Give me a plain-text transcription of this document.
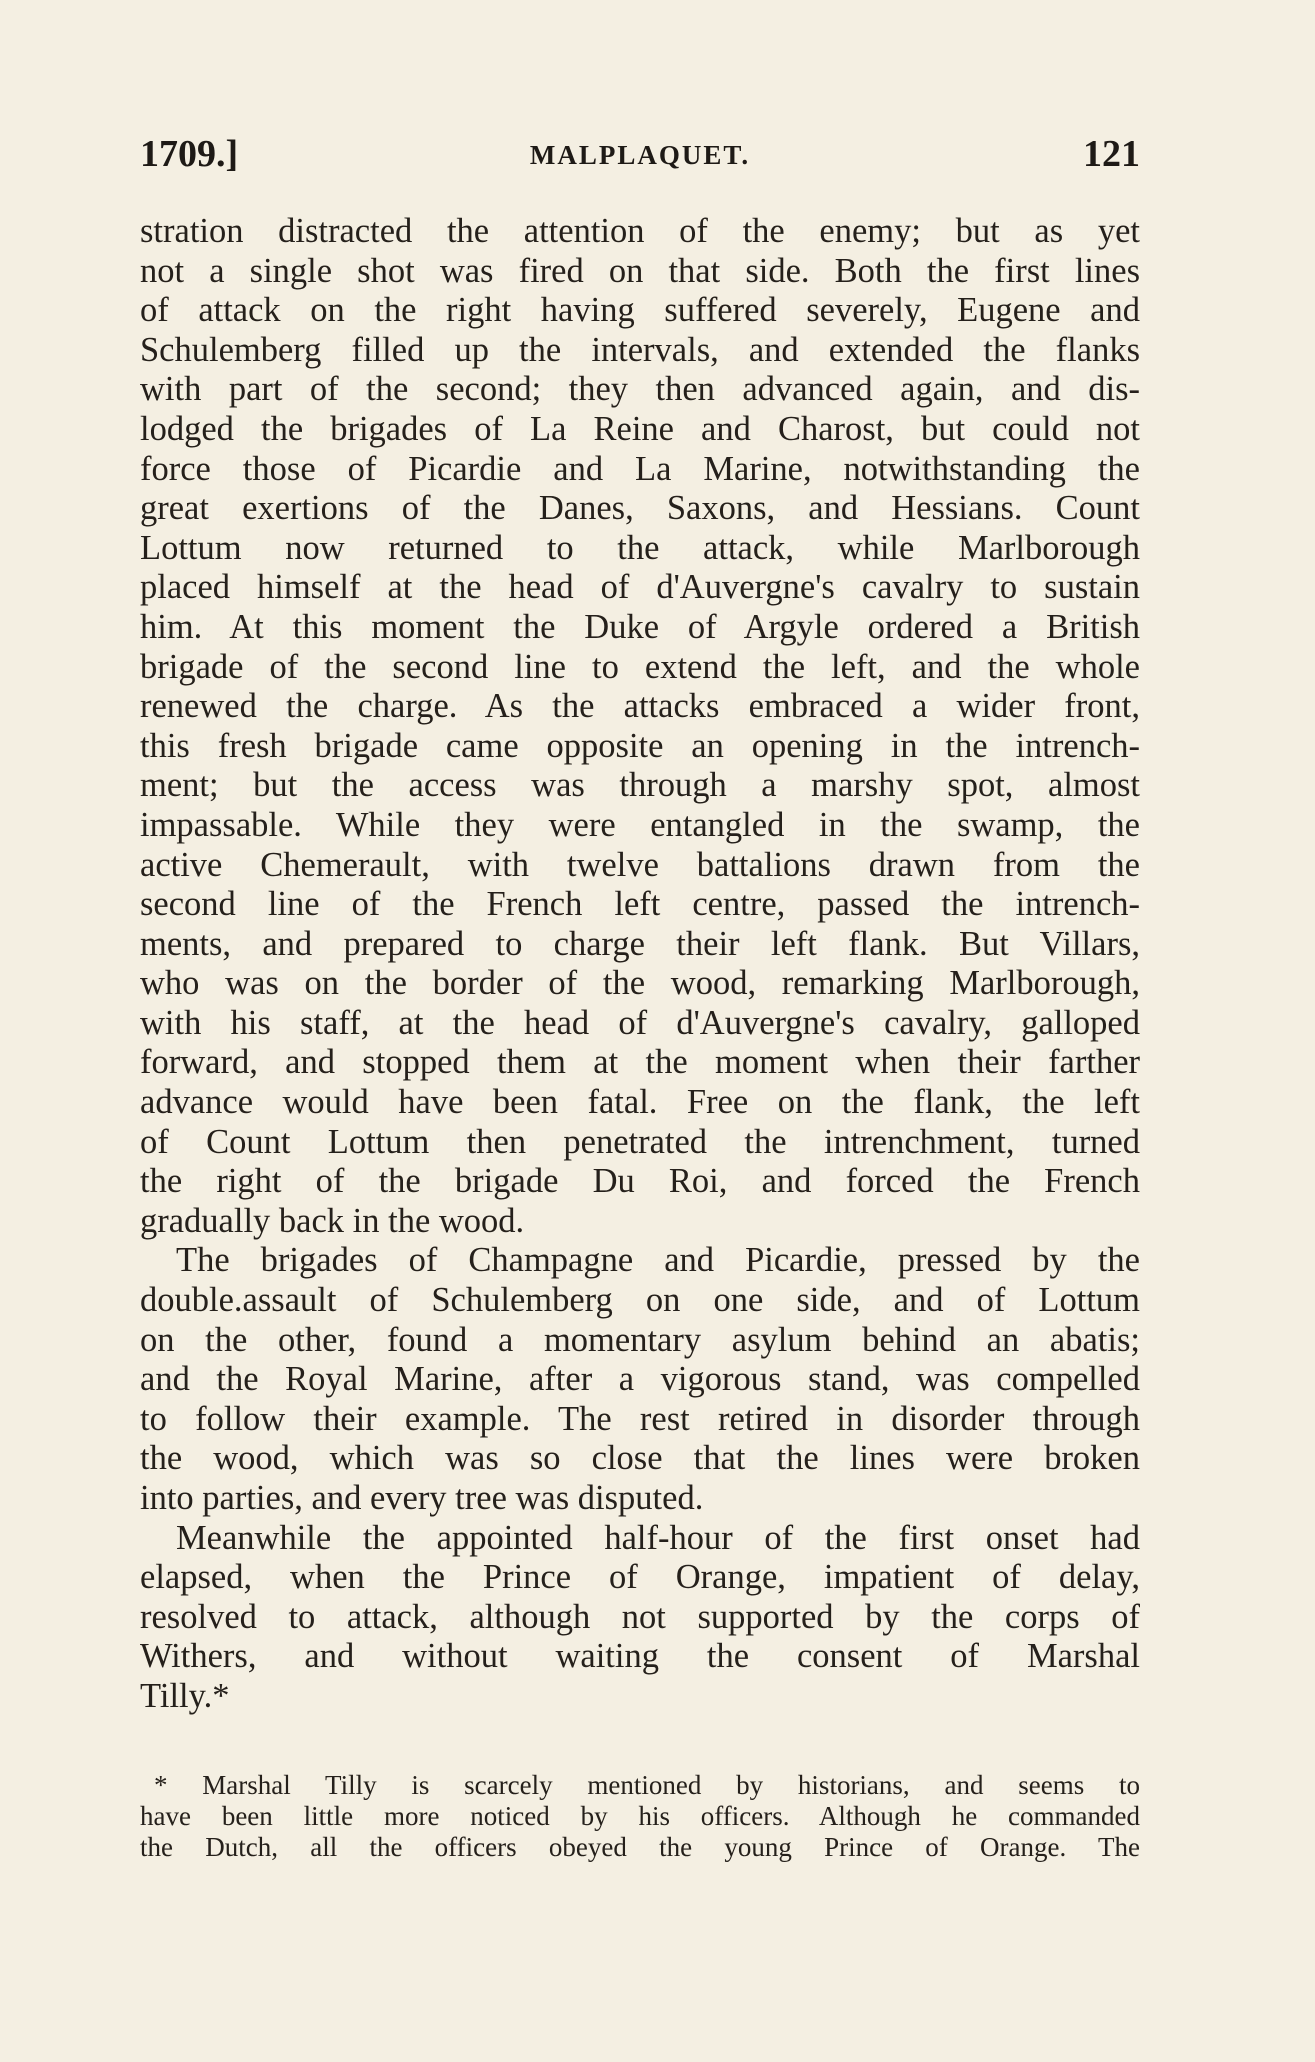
1709.]	MALPLAQUET.	121
stration distracted the attention of the enemy; but as yet
not a single shot was fired on that side. Both the first lines
of attack on the right having suffered severely, Eugene and
Schulemberg filled up the intervals, and extended the flanks
with part of the second; they then advanced again, and dis-
lodged the brigades of La Reine and Charost, but could not
force those of Picardie and La Marine, notwithstanding the
great exertions of the Danes, Saxons, and Hessians. Count
Lottum now returned to the attack, while Marlborough
placed himself at the head of d'Auvergne's cavalry to sustain
him. At this moment the Duke of Argyle ordered a British
brigade of the second line to extend the left, and the whole
renewed the charge. As the attacks embraced a wider front,
this fresh brigade came opposite an opening in the intrench-
ment; but the access was through a marshy spot, almost
impassable. While they were entangled in the swamp, the
active Chemerault, with twelve battalions drawn from the
second line of the French left centre, passed the intrench-
ments, and prepared to charge their left flank. But Villars,
who was on the border of the wood, remarking Marlborough,
with his staff, at the head of d'Auvergne's cavalry, galloped
forward, and stopped them at the moment when their farther
advance would have been fatal. Free on the flank, the left
of Count Lottum then penetrated the intrenchment, turned
the right of the brigade Du Roi, and forced the French
gradually back in the wood.
The brigades of Champagne and Picardie, pressed by the
double.assault of Schulemberg on one side, and of Lottum
on the other, found a momentary asylum behind an abatis;
and the Royal Marine, after a vigorous stand, was compelled
to follow their example. The rest retired in disorder through
the wood, which was so close that the lines were broken
into parties, and every tree was disputed.
Meanwhile the appointed half-hour of the first onset had
elapsed, when the Prince of Orange, impatient of delay,
resolved to attack, although not supported by the corps of
Withers, and without waiting the consent of Marshal
Tilly.*
* Marshal Tilly is scarcely mentioned by historians, and seems to
have been little more noticed by his officers. Although he commanded
the Dutch, all the officers obeyed the young Prince of Orange. The
